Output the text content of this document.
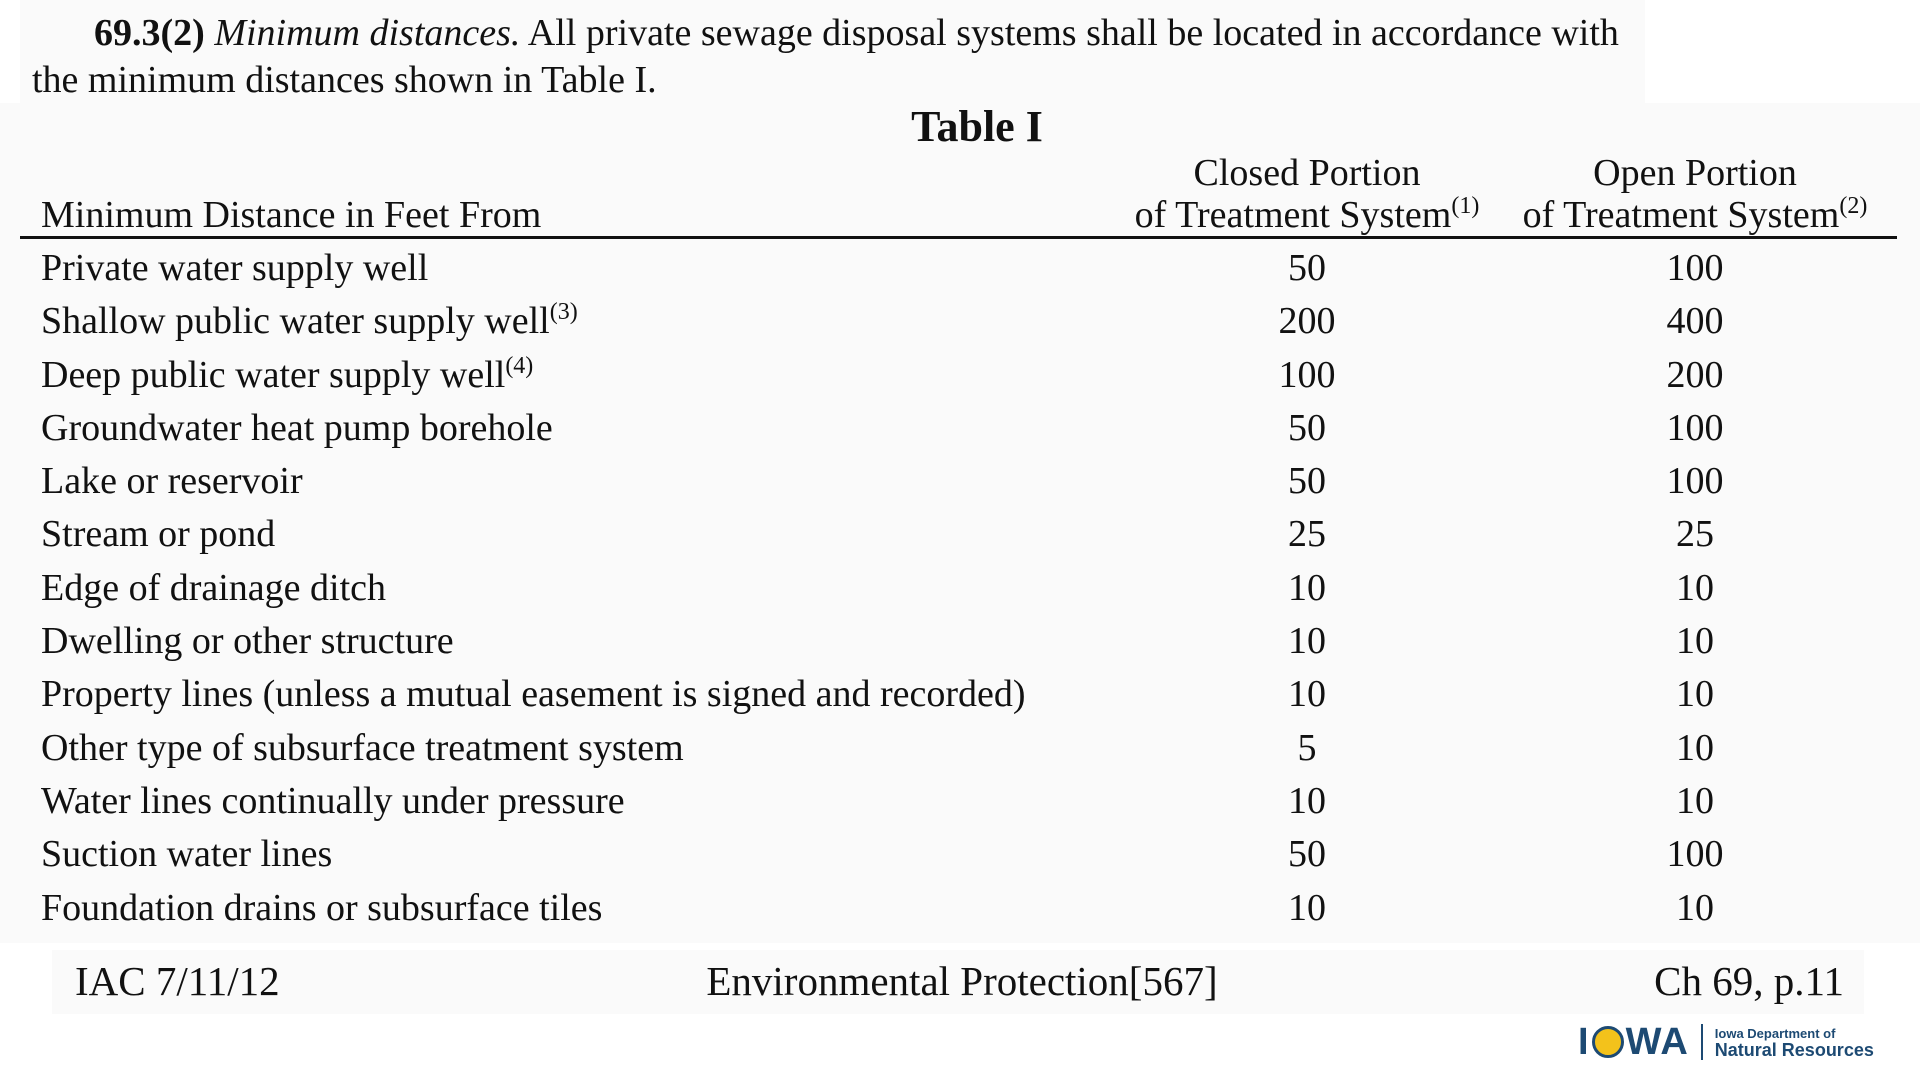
69.3(2) Minimum distances. All private sewage disposal systems shall be located in accordance with
the minimum distances shown in Table I.
Table I
Minimum Distance in Feet From
Closed Portion
of Treatment System$^{(1)}$
Open Portion
of Treatment System$^{(2)}$
Private water supply well	50	100
Shallow public water supply well$^{(3)}$	200	400
Deep public water supply well$^{(4)}$	100	200
Groundwater heat pump borehole	50	100
Lake or reservoir	50	100
Stream or pond	25	25
Edge of drainage ditch	10	10
Dwelling or other structure	10	10
Property lines (unless a mutual easement is signed and recorded)	10	10
Other type of subsurface treatment system	5	10
Water lines continually under pressure	10	10
Suction water lines	50	100
Foundation drains or subsurface tiles	10	10
IAC 7/11/12	Environmental Protection[567]	Ch 69, p.11
I WA Iowa Department of
Natural Resources
